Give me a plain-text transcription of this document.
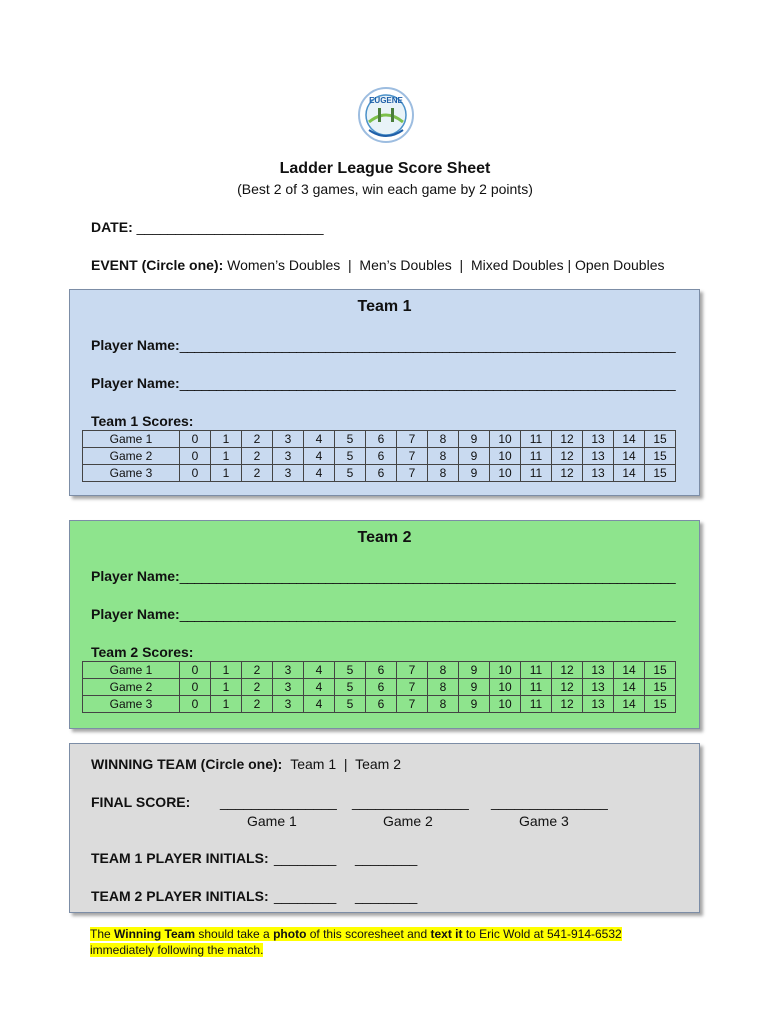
EUGENE
Ladder League Score Sheet
(Best 2 of 3 games, win each game by 2 points)
DATE: ________________________
EVENT (Circle one): Women’s Doubles  |  Men’s Doubles  |  Mixed Doubles | Open Doubles
Team 1
Player Name:____________________________________________________________________
Player Name:____________________________________________________________________
Team 1 Scores:
Game 1	0	1	2	3	4	5	6	7	8	9	10	11	12	13	14	15
Game 2	0	1	2	3	4	5	6	7	8	9	10	11	12	13	14	15
Game 3	0	1	2	3	4	5	6	7	8	9	10	11	12	13	14	15
Team 2
Player Name:____________________________________________________________________
Player Name:____________________________________________________________________
Team 2 Scores:
Game 1	0	1	2	3	4	5	6	7	8	9	10	11	12	13	14	15
Game 2	0	1	2	3	4	5	6	7	8	9	10	11	12	13	14	15
Game 3	0	1	2	3	4	5	6	7	8	9	10	11	12	13	14	15
WINNING TEAM (Circle one): Team 1  |  Team 2
FINAL SCORE: _______________ _______________ _______________
Game 1	Game 2	Game 3
TEAM 1 PLAYER INITIALS: ________ ________
TEAM 2 PLAYER INITIALS: ________ ________
The Winning Team should take a photo of this scoresheet and text it to Eric Wold at 541-914-6532
immediately following the match.
